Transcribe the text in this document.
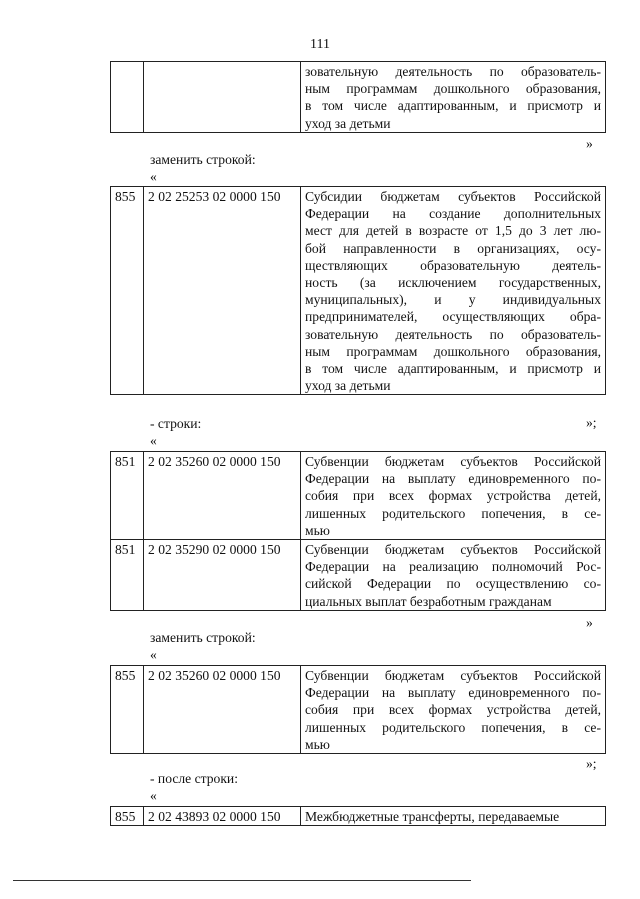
111

зовательную деятельность по образователь-
ным программам дошкольного образования,
в том числе адаптированным, и присмотр и
уход за детьми
»
заменить строкой:
«
855	2 02 25253 02 0000 150	Субсидии бюджетам субъектов Российской
Федерации на создание дополнительных
мест для детей в возрасте от 1,5 до 3 лет лю-
бой направленности в организациях, осу-
ществляющих образовательную деятель-
ность (за исключением государственных,
муниципальных), и у индивидуальных
предпринимателей, осуществляющих обра-
зовательную деятельность по образователь-
ным программам дошкольного образования,
в том числе адаптированным, и присмотр и
уход за детьми
»;
- строки:
«
851	2 02 35260 02 0000 150	Субвенции бюджетам субъектов Российской
Федерации на выплату единовременного по-
собия при всех формах устройства детей,
лишенных родительского попечения, в се-
мью

851	2 02 35290 02 0000 150	Субвенции бюджетам субъектов Российской
Федерации на реализацию полномочий Рос-
сийской Федерации по осуществлению со-
циальных выплат безработным гражданам
»
заменить строкой:
«
855	2 02 35260 02 0000 150	Субвенции бюджетам субъектов Российской
Федерации на выплату единовременного по-
собия при всех формах устройства детей,
лишенных родительского попечения, в се-
мью
»;
- после строки:
«
855	2 02 43893 02 0000 150	Межбюджетные трансферты, передаваемые
